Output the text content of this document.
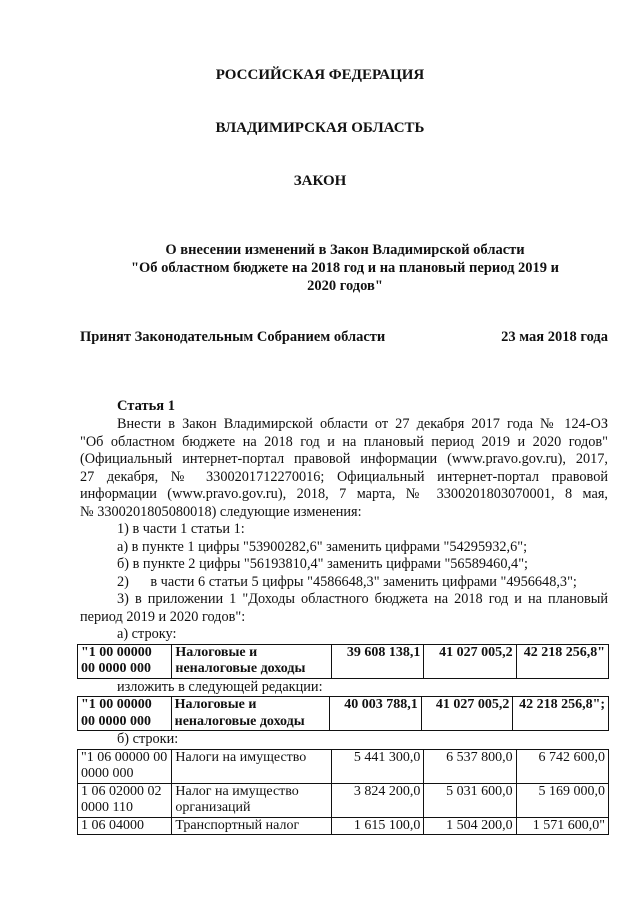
РОССИЙСКАЯ ФЕДЕРАЦИЯ
ВЛАДИМИРСКАЯ ОБЛАСТЬ
ЗАКОН
О внесении изменений в Закон Владимирской области
"Об областном бюджете на 2018 год и на плановый период 2019 и
2020 годов"
Принят Законодательным Собранием области	23 мая 2018 года
Статья 1

Внести в Закон Владимирской области от 27 декабря 2017 года № 124-ОЗ

"Об областном бюджете на 2018 год и на плановый период 2019 и 2020 годов"

(Официальный интернет-портал правовой информации (www.pravo.gov.ru), 2017,

27 декабря, № 3300201712270016; Официальный интернет-портал правовой

информации (www.pravo.gov.ru), 2018, 7 марта, № 3300201803070001, 8 мая,

№ 3300201805080018) следующие изменения:

1) в части 1 статьи 1:

а) в пункте 1 цифры "53900282,6" заменить цифрами "54295932,6";

б) в пункте 2 цифры "56193810,4" заменить цифрами "56589460,4";

2)      в части 6 статьи 5 цифры "4586648,3" заменить цифрами "4956648,3";

3) в приложении 1 "Доходы областного бюджета на 2018 год и на плановый

период 2019 и 2020 годов":

а) строку:

"1 00 00000 00 0000 000	Налоговые и неналоговые доходы	39 608 138,1	41 027 005,2	42 218 256,8"

изложить в следующей редакции:

"1 00 00000 00 0000 000	Налоговые и неналоговые доходы	40 003 788,1	41 027 005,2	42 218 256,8";

б) строки:

"1 06 00000 00 0000 000	Налоги на имущество	5 441 300,0	6 537 800,0	6 742 600,0
1 06 02000 02 0000 110	Налог на имущество организаций	3 824 200,0	5 031 600,0	5 169 000,0
1 06 04000	Транспортный налог	1 615 100,0	1 504 200,0	1 571 600,0"
